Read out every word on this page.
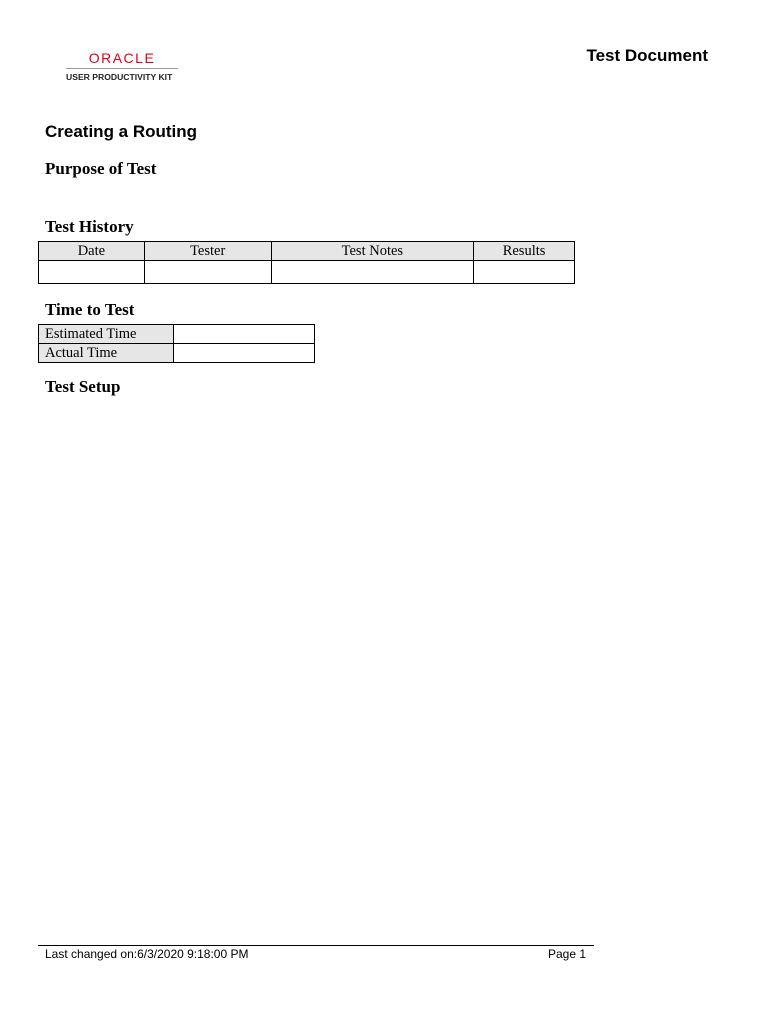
ORACLE
USER PRODUCTIVITY KIT
Test Document
Creating a Routing
Purpose of Test
Test History
Date	Tester	Test Notes	Results

Time to Test
Estimated Time	
Actual Time	
Test Setup
Last changed on:6/3/2020 9:18:00 PM	Page 1
